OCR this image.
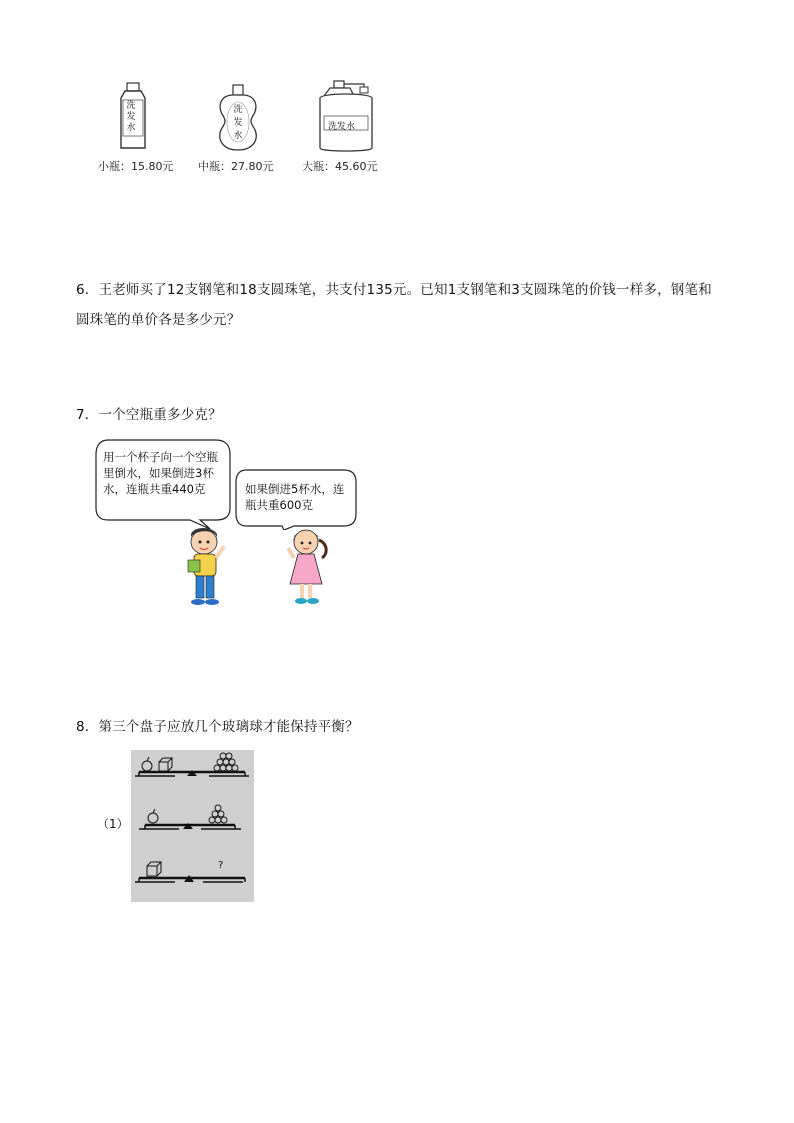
洗
发
水
小瓶：15.80元
洗
发
水
中瓶：27.80元
洗发水
大瓶：45.60元
6．王老师买了12支钢笔和18支圆珠笔，共支付135元。已知1支钢笔和3支圆珠笔的价钱一样多，钢笔和圆珠笔的单价各是多少元？
7．一个空瓶重多少克？
用一个杯子向一个空瓶里倒水，如果倒进3杯水，连瓶共重440克	如果倒进5杯水，连瓶共重600克
8．第三个盘子应放几个玻璃球才能保持平衡？
（1）
?
